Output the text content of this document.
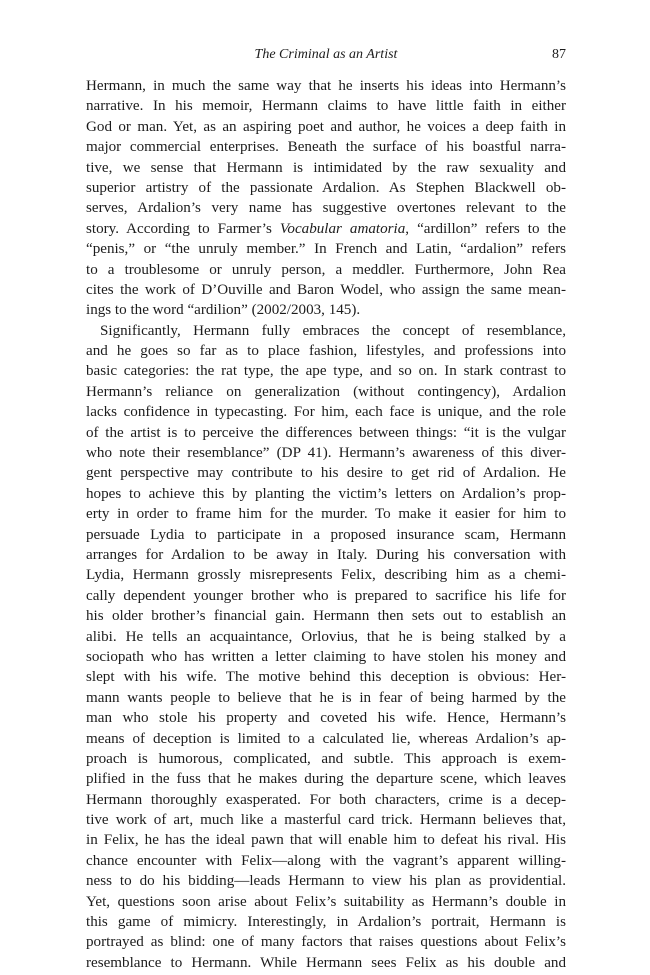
The Criminal as an Artist	87
Hermann, in much the same way that he inserts his ideas into Hermann’s
narrative. In his memoir, Hermann claims to have little faith in either
God or man. Yet, as an aspiring poet and author, he voices a deep faith in
major commercial enterprises. Beneath the surface of his boastful narra-
tive, we sense that Hermann is intimidated by the raw sexuality and
superior artistry of the passionate Ardalion. As Stephen Blackwell ob-
serves, Ardalion’s very name has suggestive overtones relevant to the
story. According to Farmer’s Vocabular amatoria, “ardillon” refers to the
“penis,” or “the unruly member.” In French and Latin, “ardalion” refers
to a troublesome or unruly person, a meddler. Furthermore, John Rea
cites the work of D’Ouville and Baron Wodel, who assign the same mean-
ings to the word “ardilion” (2002/2003, 145).
Significantly, Hermann fully embraces the concept of resemblance,
and he goes so far as to place fashion, lifestyles, and professions into
basic categories: the rat type, the ape type, and so on. In stark contrast to
Hermann’s reliance on generalization (without contingency), Ardalion
lacks confidence in typecasting. For him, each face is unique, and the role
of the artist is to perceive the differences between things: “it is the vulgar
who note their resemblance” (DP 41). Hermann’s awareness of this diver-
gent perspective may contribute to his desire to get rid of Ardalion. He
hopes to achieve this by planting the victim’s letters on Ardalion’s prop-
erty in order to frame him for the murder. To make it easier for him to
persuade Lydia to participate in a proposed insurance scam, Hermann
arranges for Ardalion to be away in Italy. During his conversation with
Lydia, Hermann grossly misrepresents Felix, describing him as a chemi-
cally dependent younger brother who is prepared to sacrifice his life for
his older brother’s financial gain. Hermann then sets out to establish an
alibi. He tells an acquaintance, Orlovius, that he is being stalked by a
sociopath who has written a letter claiming to have stolen his money and
slept with his wife. The motive behind this deception is obvious: Her-
mann wants people to believe that he is in fear of being harmed by the
man who stole his property and coveted his wife. Hence, Hermann’s
means of deception is limited to a calculated lie, whereas Ardalion’s ap-
proach is humorous, complicated, and subtle. This approach is exem-
plified in the fuss that he makes during the departure scene, which leaves
Hermann thoroughly exasperated. For both characters, crime is a decep-
tive work of art, much like a masterful card trick. Hermann believes that,
in Felix, he has the ideal pawn that will enable him to defeat his rival. His
chance encounter with Felix—along with the vagrant’s apparent willing-
ness to do his bidding—leads Hermann to view his plan as providential.
Yet, questions soon arise about Felix’s suitability as Hermann’s double in
this game of mimicry. Interestingly, in Ardalion’s portrait, Hermann is
portrayed as blind: one of many factors that raises questions about Felix’s
resemblance to Hermann. While Hermann sees Felix as his double and
